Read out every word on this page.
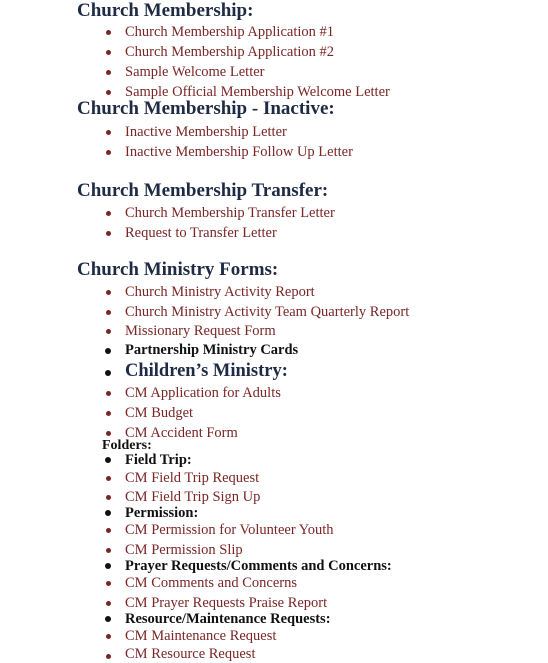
Church Membership:
Church Membership Application #1
Church Membership Application #2
Sample Welcome Letter
Sample Official Membership Welcome Letter
Church Membership - Inactive:
Inactive Membership Letter
Inactive Membership Follow Up Letter
Church Membership Transfer:
Church Membership Transfer Letter
Request to Transfer Letter
Church Ministry Forms:
Church Ministry Activity Report
Church Ministry Activity Team Quarterly Report
Missionary Request Form
Partnership Ministry Cards
Children’s Ministry:
CM Application for Adults
CM Budget
CM Accident Form
Folders:
Field Trip:
CM Field Trip Request
CM Field Trip Sign Up
Permission:
CM Permission for Volunteer Youth
CM Permission Slip
Prayer Requests/Comments and Concerns:
CM Comments and Concerns
CM Prayer Requests Praise Report
Resource/Maintenance Requests:
CM Maintenance Request
CM Resource Request
